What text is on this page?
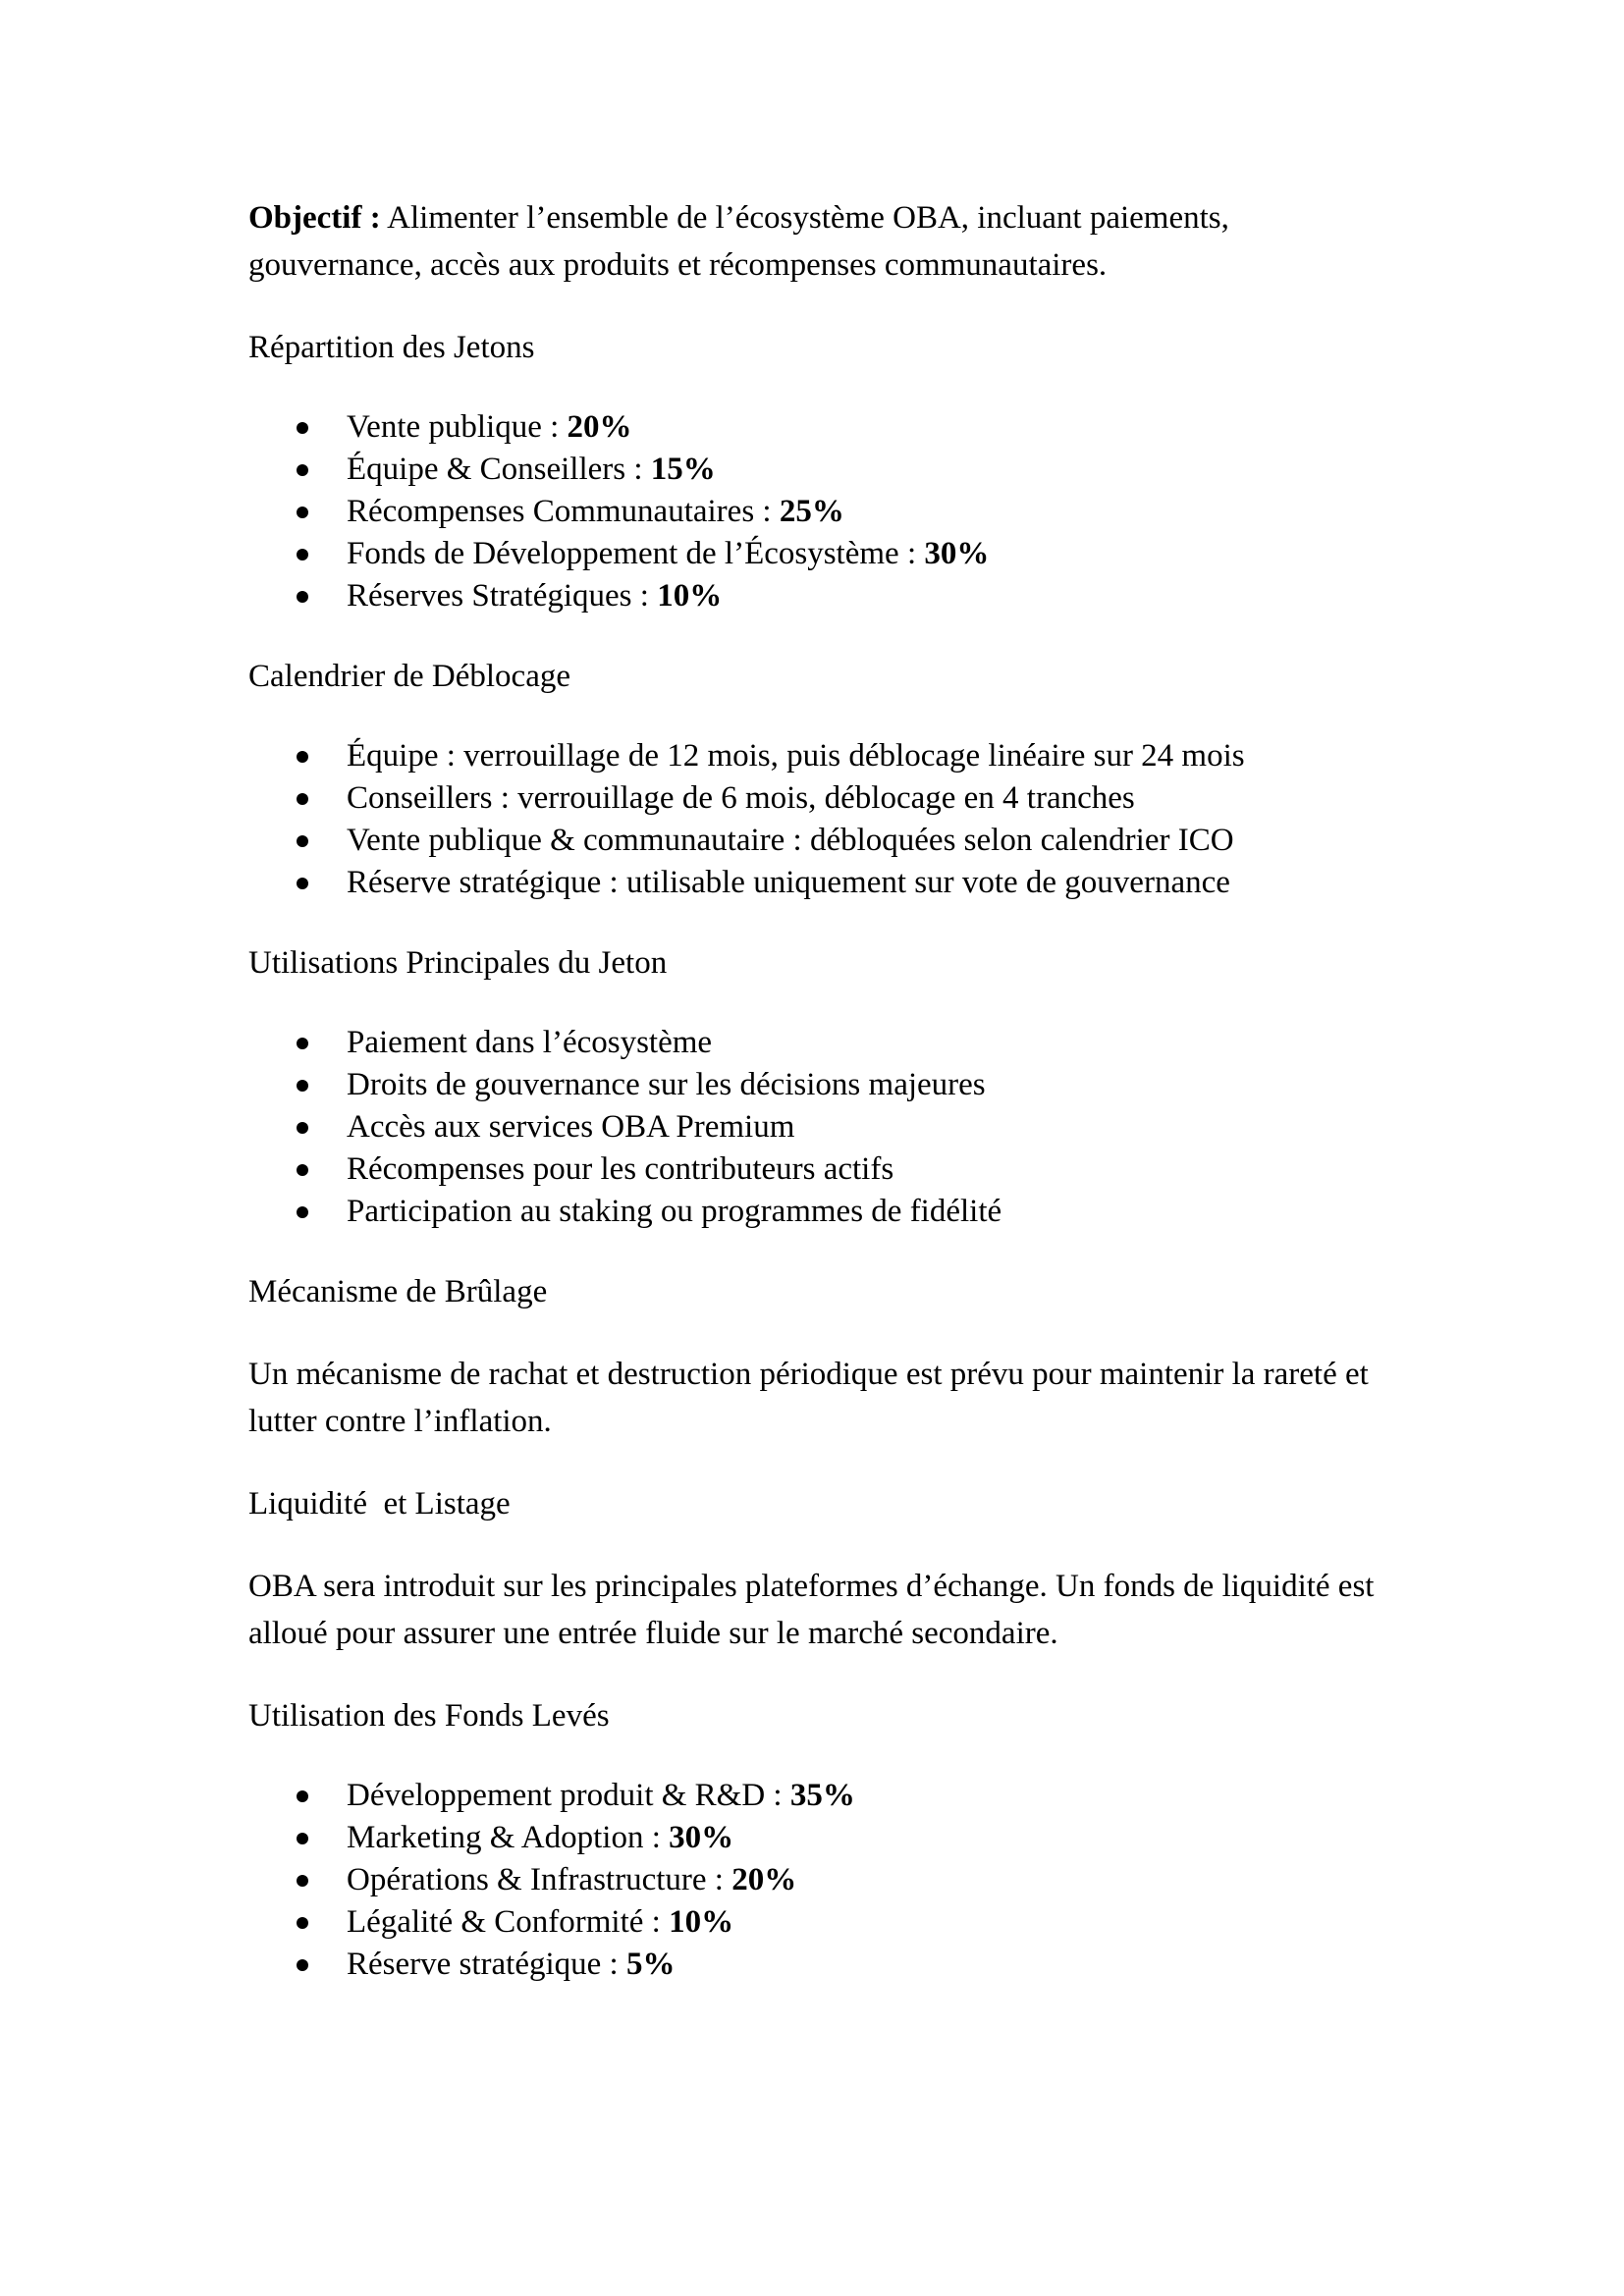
Objectif : Alimenter l’ensemble de l’écosystème OBA, incluant paiements, gouvernance, accès aux produits et récompenses communautaires.

Répartition des Jetons

Vente publique : 20%
Équipe & Conseillers : 15%
Récompenses Communautaires : 25%
Fonds de Développement de l’Écosystème : 30%
Réserves Stratégiques : 10%

Calendrier de Déblocage

Équipe : verrouillage de 12 mois, puis déblocage linéaire sur 24 mois
Conseillers : verrouillage de 6 mois, déblocage en 4 tranches
Vente publique & communautaire : débloquées selon calendrier ICO
Réserve stratégique : utilisable uniquement sur vote de gouvernance

Utilisations Principales du Jeton

Paiement dans l’écosystème
Droits de gouvernance sur les décisions majeures
Accès aux services OBA Premium
Récompenses pour les contributeurs actifs
Participation au staking ou programmes de fidélité

Mécanisme de Brûlage

Un mécanisme de rachat et destruction périodique est prévu pour maintenir la rareté et lutter contre l’inflation.

Liquidité  et Listage

OBA sera introduit sur les principales plateformes d’échange. Un fonds de liquidité est alloué pour assurer une entrée fluide sur le marché secondaire.

Utilisation des Fonds Levés

Développement produit & R&D : 35%
Marketing & Adoption : 30%
Opérations & Infrastructure : 20%
Légalité & Conformité : 10%
Réserve stratégique : 5%
